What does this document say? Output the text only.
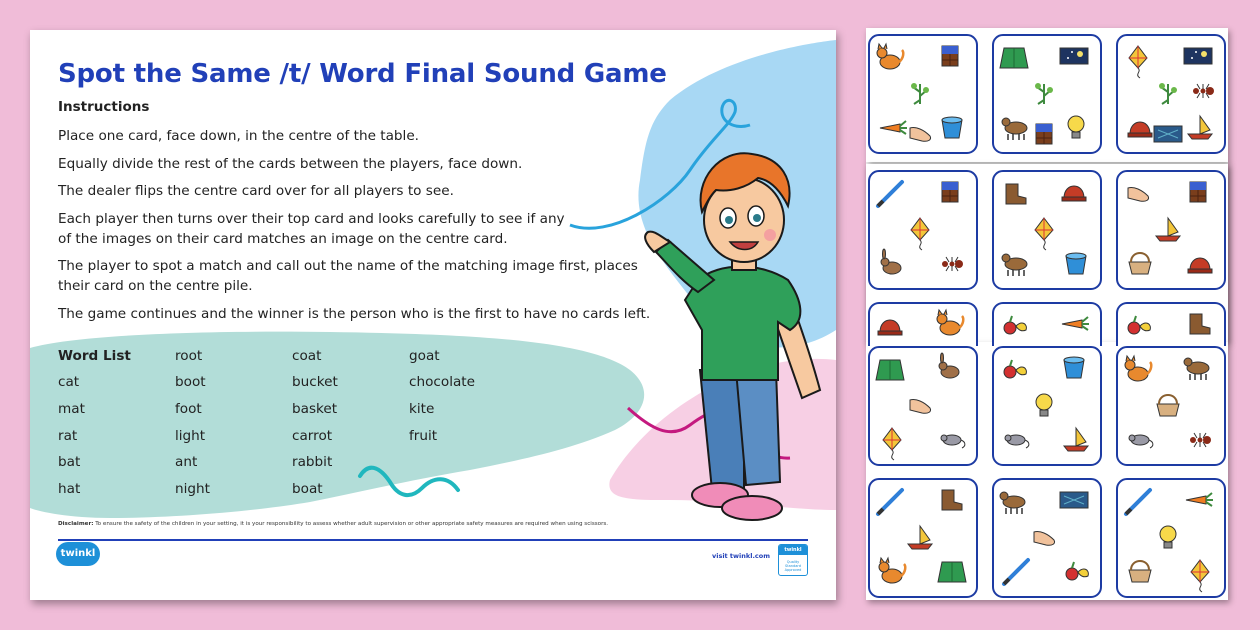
Spot the Same /t/ Word Final Sound Game
Instructions

Place one card, face down, in the centre of the table.

Equally divide the rest of the cards between the players, face down.

The dealer flips the centre card over for all players to see.

Each player then turns over their top card and looks carefully to see if any of the images on their card matches an image on the centre card.

The player to spot a match and call out the name of the matching image first, places their card on the centre pile.

The game continues and the winner is the person who is the first to have no cards left.

Word List
cat
mat
rat
bat
hat
root
boot
foot
light
ant
night
coat
bucket
basket
carrot
rabbit
boat
goat
chocolate
kite
fruit
Disclaimer: To ensure the safety of the children in your setting, it is your responsibility to assess whether adult supervision or other appropriate safety measures are required when using scissors.
twinkl	visit twinkl.com
twinkl
Quality Standard Approved
